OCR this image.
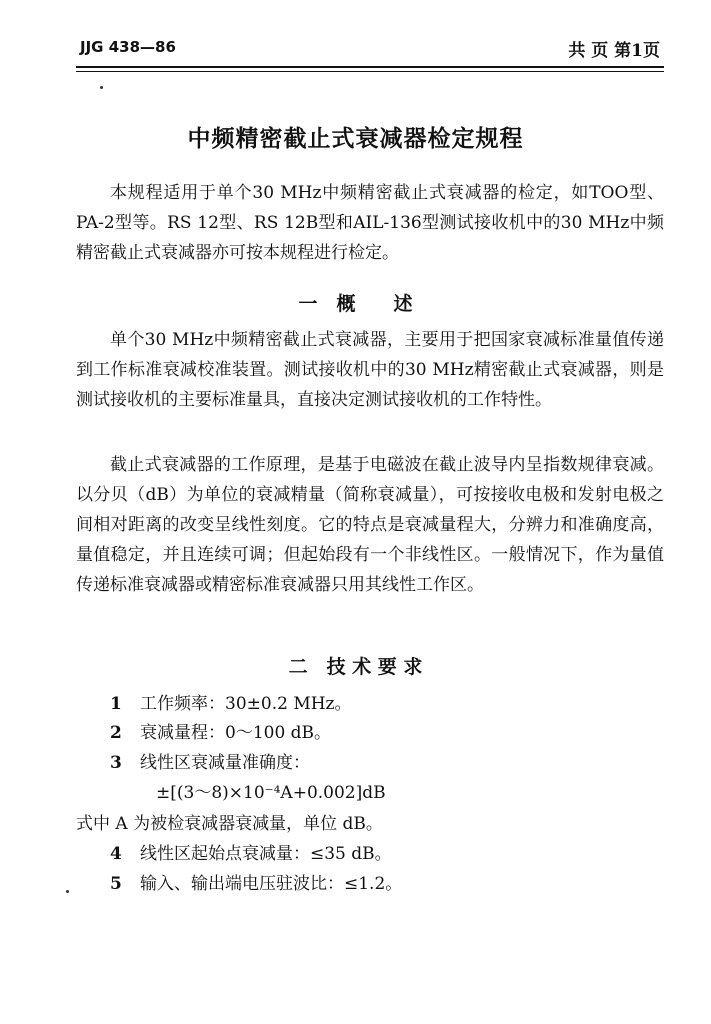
JJG 438—86	共 页 第1页
中频精密截止式衰减器检定规程

本规程适用于单个30 MHz中频精密截止式衰减器的检定，如TOO型、PA-2型等。RS 12型、RS 12B型和AIL-136型测试接收机中的30 MHz中频精密截止式衰减器亦可按本规程进行检定。

一　概　　述

单个30 MHz中频精密截止式衰减器，主要用于把国家衰减标准量值传递到工作标准衰减校准装置。测试接收机中的30 MHz精密截止式衰减器，则是测试接收机的主要标准量具，直接决定测试接收机的工作特性。

截止式衰减器的工作原理，是基于电磁波在截止波导内呈指数规律衰减。以分贝（dB）为单位的衰减精量（简称衰减量），可按接收电极和发射电极之间相对距离的改变呈线性刻度。它的特点是衰减量程大，分辨力和准确度高，量值稳定，并且连续可调；但起始段有一个非线性区。一般情况下，作为量值传递标准衰减器或精密标准衰减器只用其线性工作区。

二　技 术 要 求
1 工作频率：30±0.2 MHz。
2 衰减量程：0～100 dB。
3 线性区衰减量准确度：
±[(3～8)×10⁻⁴A+0.002]dB
式中 A 为被检衰减器衰减量，单位 dB。
4 线性区起始点衰减量：≤35 dB。
5 输入、输出端电压驻波比：≤1.2。
